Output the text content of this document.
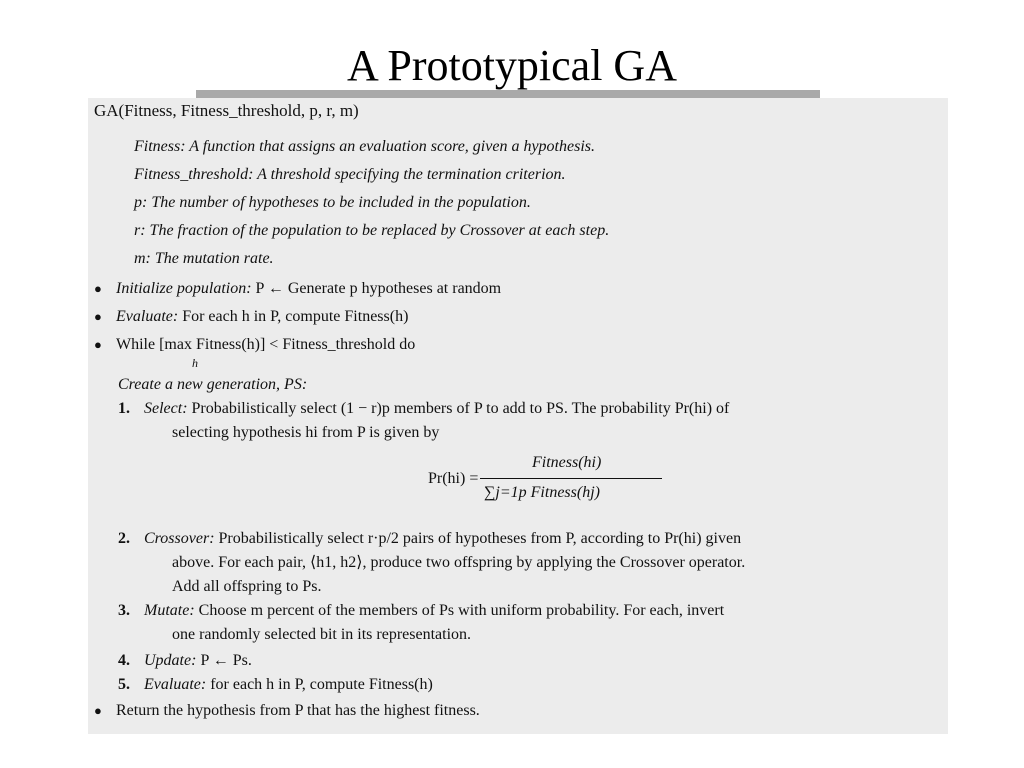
A Prototypical GA
GA(Fitness, Fitness_threshold, p, r, m)
Fitness: A function that assigns an evaluation score, given a hypothesis.
Fitness_threshold: A threshold specifying the termination criterion.
p: The number of hypotheses to be included in the population.
r: The fraction of the population to be replaced by Crossover at each step.
m: The mutation rate.
● Initialize population: P ← Generate p hypotheses at random
● Evaluate: For each h in P, compute Fitness(h)
● While [max Fitness(h)] < Fitness_threshold do
h
Create a new generation, PS:
1. Select: Probabilistically select (1 − r)p members of P to add to PS. The probability Pr(hi) of
selecting hypothesis hi from P is given by
Pr(hi) =
Fitness(hi)
∑j=1p Fitness(hj)
2. Crossover: Probabilistically select r·p/2 pairs of hypotheses from P, according to Pr(hi) given
above. For each pair, ⟨h1, h2⟩, produce two offspring by applying the Crossover operator.
Add all offspring to Ps.
3. Mutate: Choose m percent of the members of Ps with uniform probability. For each, invert
one randomly selected bit in its representation.
4. Update: P ← Ps.
5. Evaluate: for each h in P, compute Fitness(h)
● Return the hypothesis from P that has the highest fitness.
